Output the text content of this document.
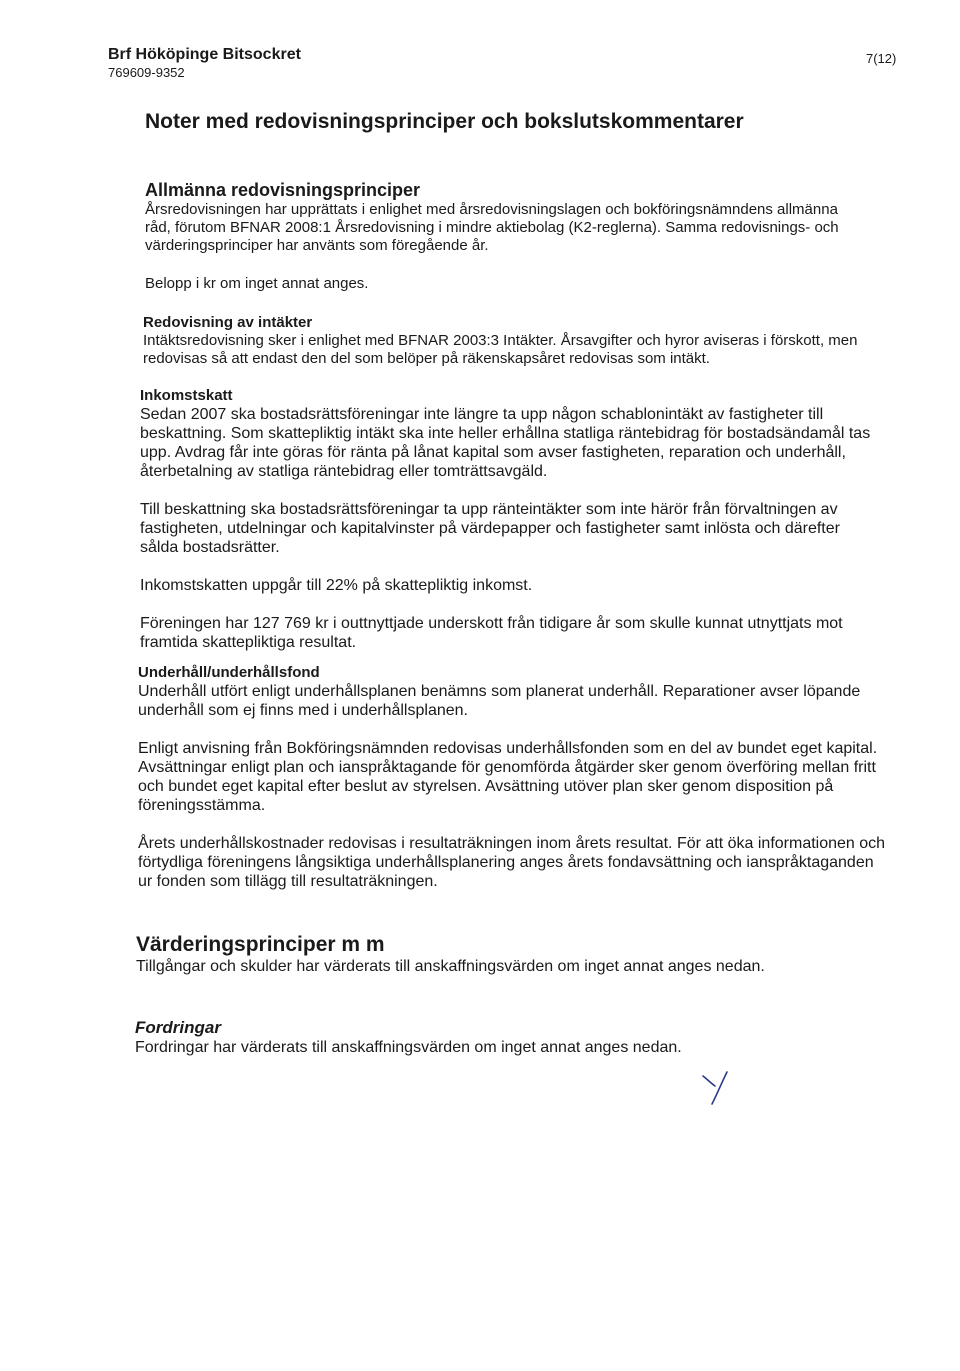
Brf Hököpinge Bitsockret
769609-9352
7(12)
Noter med redovisningsprinciper och bokslutskommentarer
Allmänna redovisningsprinciper

Årsredovisningen har upprättats i enlighet med årsredovisningslagen och bokföringsnämndens allmänna råd, förutom BFNAR 2008:1 Årsredovisning i mindre aktiebolag (K2-reglerna). Samma redovisnings- och värderingsprinciper har använts som föregående år.

Belopp i kr om inget annat anges.

Redovisning av intäkter

Intäktsredovisning sker i enlighet med BFNAR 2003:3 Intäkter. Årsavgifter och hyror aviseras i förskott, men redovisas så att endast den del som belöper på räkenskapsåret redovisas som intäkt.

Inkomstskatt

Sedan 2007 ska bostadsrättsföreningar inte längre ta upp någon schablonintäkt av fastigheter till beskattning. Som skattepliktig intäkt ska inte heller erhållna statliga räntebidrag för bostadsändamål tas upp. Avdrag får inte göras för ränta på lånat kapital som avser fastigheten, reparation och underhåll, återbetalning av statliga räntebidrag eller tomträttsavgäld.

Till beskattning ska bostadsrättsföreningar ta upp ränteintäkter som inte härör från förvaltningen av fastigheten, utdelningar och kapitalvinster på värdepapper och fastigheter samt inlösta och därefter sålda bostadsrätter.

Inkomstskatten uppgår till 22% på skattepliktig inkomst.

Föreningen har 127 769 kr i outtnyttjade underskott från tidigare år som skulle kunnat utnyttjats mot framtida skattepliktiga resultat.

Underhåll/underhållsfond

Underhåll utfört enligt underhållsplanen benämns som planerat underhåll. Reparationer avser löpande underhåll som ej finns med i underhållsplanen.

Enligt anvisning från Bokföringsnämnden redovisas underhållsfonden som en del av bundet eget kapital. Avsättningar enligt plan och ianspråktagande för genomförda åtgärder sker genom överföring mellan fritt och bundet eget kapital efter beslut av styrelsen. Avsättning utöver plan sker genom disposition på föreningsstämma.

Årets underhållskostnader redovisas i resultaträkningen inom årets resultat. För att öka informationen och förtydliga föreningens långsiktiga underhållsplanering anges årets fondavsättning och ianspråktaganden ur fonden som tillägg till resultaträkningen.

Värderingsprinciper m m

Tillgångar och skulder har värderats till anskaffningsvärden om inget annat anges nedan.

Fordringar

Fordringar har värderats till anskaffningsvärden om inget annat anges nedan.
